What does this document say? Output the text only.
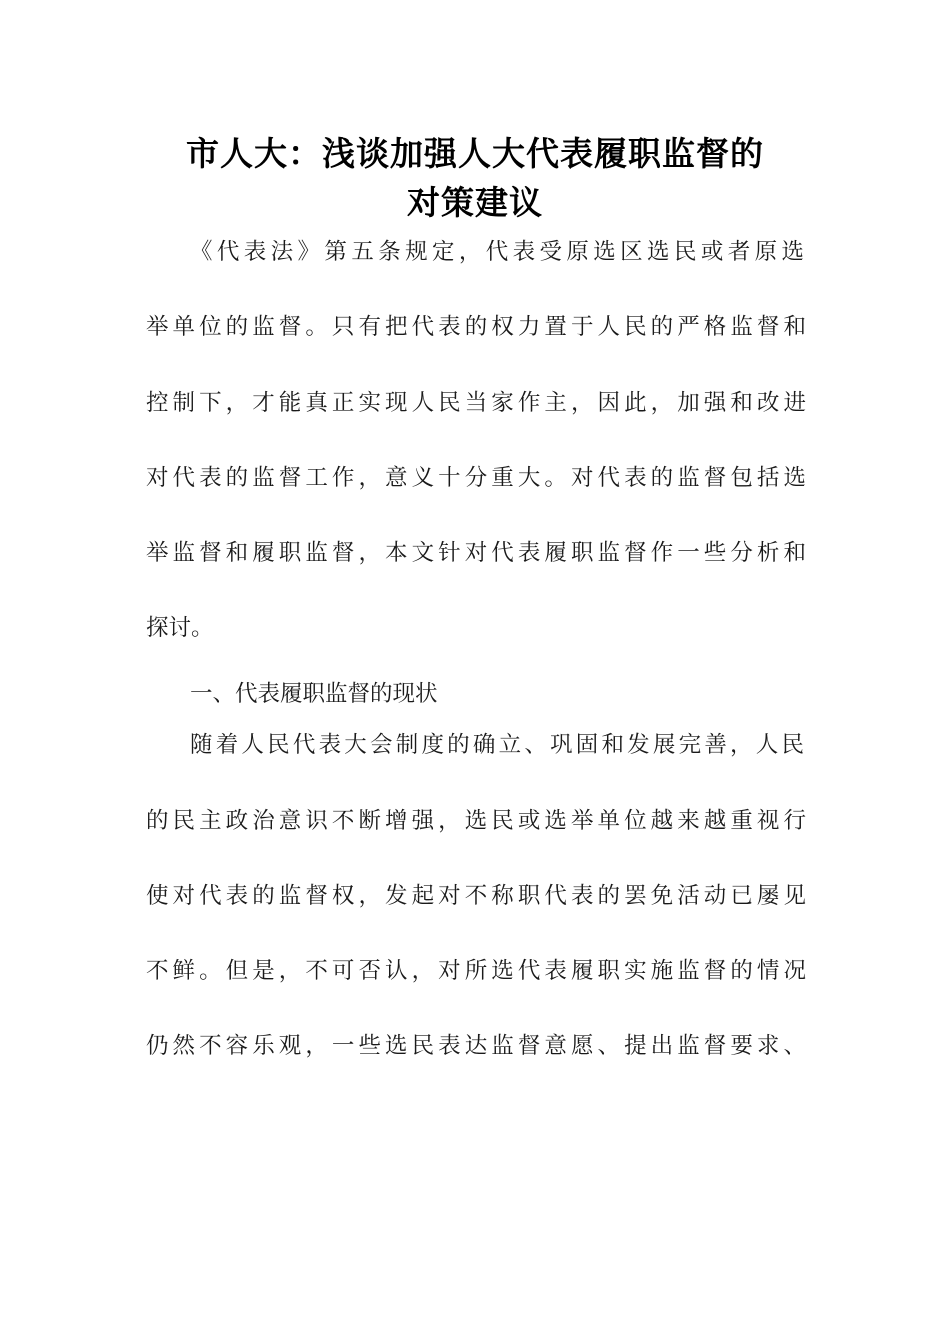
市人大：浅谈加强人大代表履职监督的
对策建议
《代表法》第五条规定，代表受原选区选民或者原选
举单位的监督。只有把代表的权力置于人民的严格监督和
控制下，才能真正实现人民当家作主，因此，加强和改进
对代表的监督工作，意义十分重大。对代表的监督包括选
举监督和履职监督，本文针对代表履职监督作一些分析和
探讨。
一、代表履职监督的现状
随着人民代表大会制度的确立、巩固和发展完善，人民
的民主政治意识不断增强，选民或选举单位越来越重视行
使对代表的监督权，发起对不称职代表的罢免活动已屡见
不鲜。但是，不可否认，对所选代表履职实施监督的情况
仍然不容乐观，一些选民表达监督意愿、提出监督要求、
